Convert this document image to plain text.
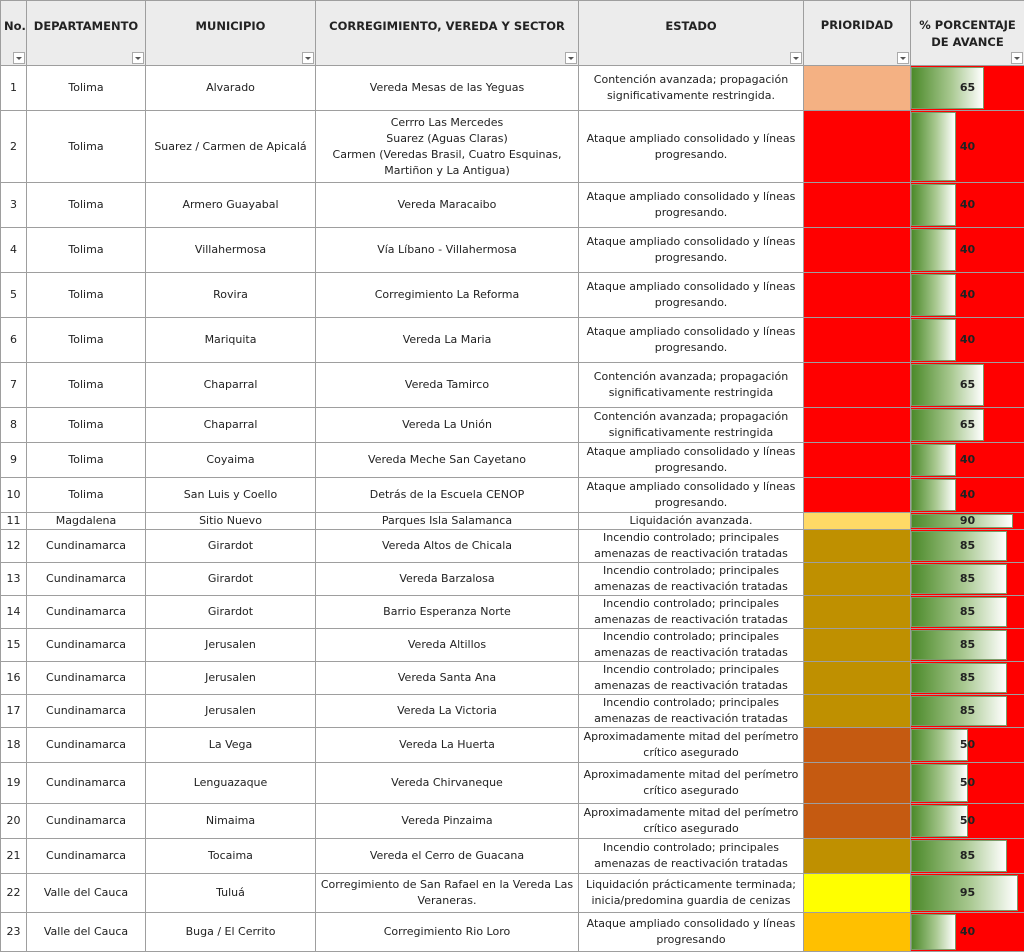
No.	DEPARTAMENTO	MUNICIPIO	CORREGIMIENTO, VEREDA Y SECTOR	ESTADO	PRIORIDAD	% PORCENTAJE DE AVANCE

1	Tolima	Alvarado	Vereda Mesas de las Yeguas	Contención avanzada; propagación significativamente restringida.		65

2	Tolima	Suarez / Carmen de Apicalá	Cerrro Las Mercedes
Suarez (Aguas Claras)
Carmen (Veredas Brasil, Cuatro Esquinas, Martiñon y La Antigua)	Ataque ampliado consolidado y líneas progresando.		40

3	Tolima	Armero Guayabal	Vereda Maracaibo	Ataque ampliado consolidado y líneas progresando.		40

4	Tolima	Villahermosa	Vía Líbano - Villahermosa	Ataque ampliado consolidado y líneas progresando.		40

5	Tolima	Rovira	Corregimiento La Reforma	Ataque ampliado consolidado y líneas progresando.		40

6	Tolima	Mariquita	Vereda La Maria	Ataque ampliado consolidado y líneas progresando.		40

7	Tolima	Chaparral	Vereda Tamirco	Contención avanzada; propagación significativamente restringida		65

8	Tolima	Chaparral	Vereda La Unión	Contención avanzada; propagación significativamente restringida		65

9	Tolima	Coyaima	Vereda Meche San Cayetano	Ataque ampliado consolidado y líneas progresando.		40

10	Tolima	San Luis y Coello	Detrás de la Escuela CENOP	Ataque ampliado consolidado y líneas progresando.		40

11	Magdalena	Sitio Nuevo	Parques Isla Salamanca	Liquidación avanzada.		90

12	Cundinamarca	Girardot	Vereda Altos de Chicala	Incendio controlado; principales amenazas de reactivación tratadas		85

13	Cundinamarca	Girardot	Vereda Barzalosa	Incendio controlado; principales amenazas de reactivación tratadas		85

14	Cundinamarca	Girardot	Barrio Esperanza Norte	Incendio controlado; principales amenazas de reactivación tratadas		85

15	Cundinamarca	Jerusalen	Vereda Altillos	Incendio controlado; principales amenazas de reactivación tratadas		85

16	Cundinamarca	Jerusalen	Vereda Santa Ana	Incendio controlado; principales amenazas de reactivación tratadas		85

17	Cundinamarca	Jerusalen	Vereda La Victoria	Incendio controlado; principales amenazas de reactivación tratadas		85

18	Cundinamarca	La Vega	Vereda La Huerta	Aproximadamente mitad del perímetro crítico asegurado		50

19	Cundinamarca	Lenguazaque	Vereda Chirvaneque	Aproximadamente mitad del perímetro crítico asegurado		50

20	Cundinamarca	Nimaima	Vereda Pinzaima	Aproximadamente mitad del perímetro crítico asegurado		50

21	Cundinamarca	Tocaima	Vereda el Cerro de Guacana	Incendio controlado; principales amenazas de reactivación tratadas		85

22	Valle del Cauca	Tuluá	Corregimiento de San Rafael en la Vereda Las Veraneras.	Liquidación prácticamente terminada; inicia/predomina guardia de cenizas		95

23	Valle del Cauca	Buga / El Cerrito	Corregimiento Rio Loro	Ataque ampliado consolidado y líneas progresando		40
